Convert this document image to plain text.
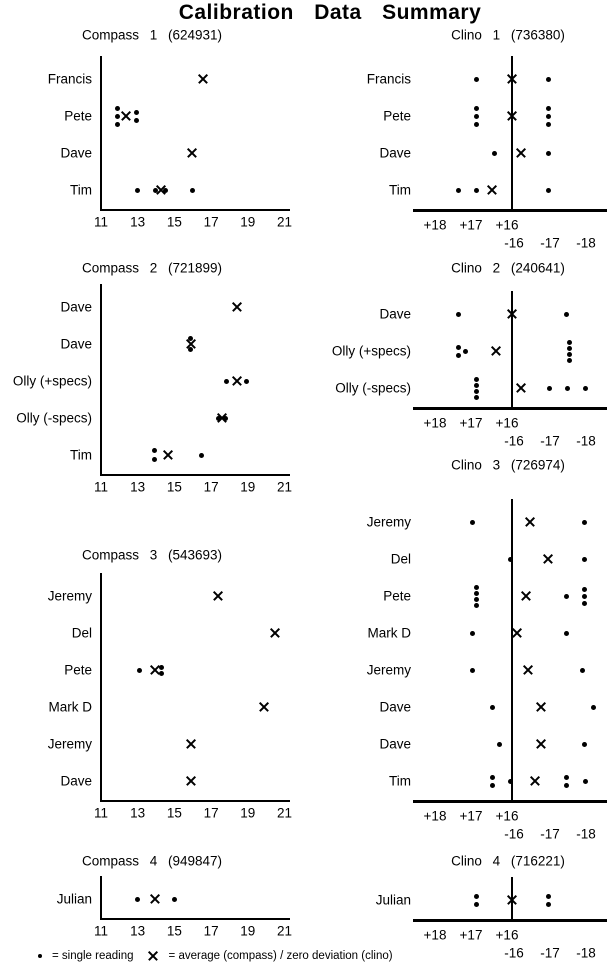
Calibration Data Summary
Compass 1 (624931)
11 13 15 17 19 21
Francis
Pete
Dave
Tim
Clino 1 (736380)
+18 +17 +16
-16 -17 -18
Francis
Pete
Dave
Tim
Compass 2 (721899)
11 13 15 17 19 21
Dave
Dave
Olly (+specs)
Olly (-specs)
Tim
Clino 2 (240641)
+18 +17 +16
-16 -17 -18
Dave
Olly (+specs)
Olly (-specs)
Compass 3 (543693)
11 13 15 17 19 21
Jeremy
Del
Pete
Mark D
Jeremy
Dave
Clino 3 (726974)
+18 +17 +16
-16 -17 -18
Jeremy
Del
Pete
Mark D
Jeremy
Dave
Dave
Tim
Compass 4 (949847)
11 13 15 17 19 21
Julian
Clino 4 (716221)
+18 +17 +16
-16 -17 -18
Julian
= single reading	= average (compass) / zero deviation (clino)
